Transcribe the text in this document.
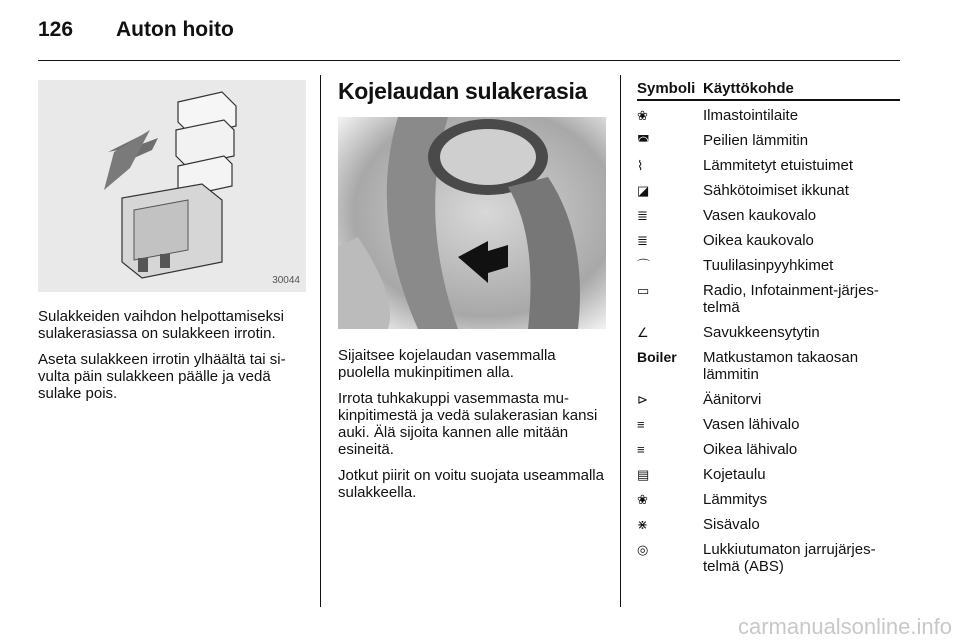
126 Auton hoito
30044

Sulakkeiden vaihdon helpottamiseksi sulakerasiassa on sulakkeen irrotin.

Aseta sulakkeen irrotin ylhäältä tai sivulta päin sulakkeen päälle ja vedä sulake pois.

Kojelaudan sulakerasia

Sijaitsee kojelaudan vasemmalla puolella mukinpitimen alla.

Irrota tuhkakuppi vasemmasta mukinpitimestä ja vedä sulakerasian kansi auki. Älä sijoita kannen alle mitään esineitä.

Jotkut piirit on voitu suojata useammalla sulakkeella.

Symboli	Käyttökohde
❀	Ilmastointilaite
◚	Peilien lämmitin
⌇	Lämmitetyt etuistuimet
◪	Sähkötoimiset ikkunat
≣	Vasen kaukovalo
≣	Oikea kaukovalo
⌒	Tuulilasinpyyhkimet
▭	Radio, Infotainment-järjestelmä
∠	Savukkeensytytin
Boiler	Matkustamon takaosan lämmitin
⊳	Äänitorvi
≡	Vasen lähivalo
≡	Oikea lähivalo
▤	Kojetaulu
❀	Lämmitys
⋇	Sisävalo
◎	Lukkiutumaton jarrujärjestelmä (ABS)
carmanualsonline.info
